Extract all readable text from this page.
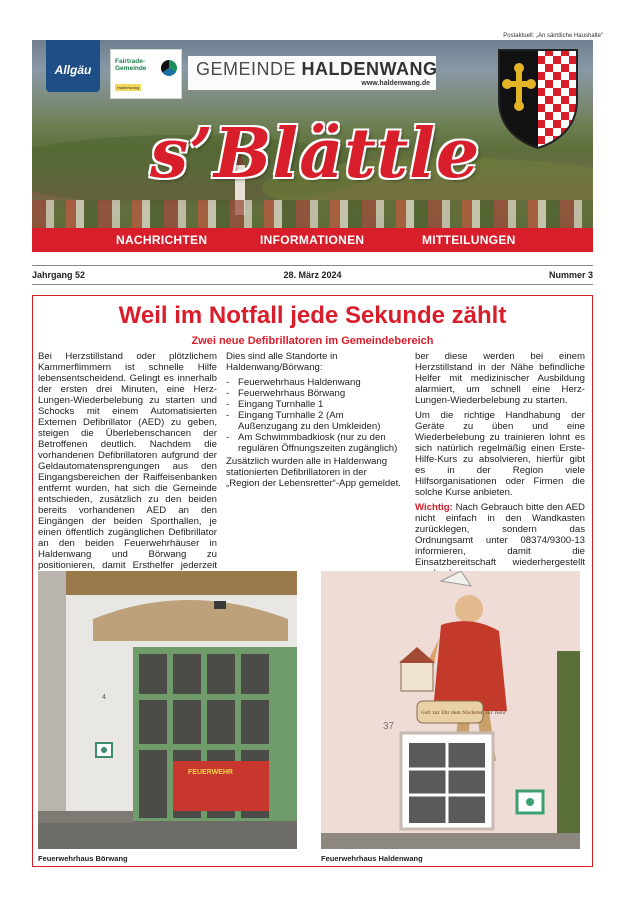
Postaktuell: „An sämtliche Haushalte“
Allgäu
Fairtrade-
Gemeinde
Haldenwang
GEMEINDE HALDENWANG
www.haldenwang.de
s’Blättle
NACHRICHTEN	INFORMATIONEN	MITTEILUNGEN
Jahrgang 52	28. März 2024	Nummer 3
Weil im Notfall jede Sekunde zählt
Zwei neue Defibrillatoren im Gemeindebereich

Bei Herzstillstand oder plötzlichem Kammerflimmern ist schnelle Hilfe lebensentscheidend. Gelingt es innerhalb der ersten drei Minuten, eine Herz-Lungen-Wiederbelebung zu starten und Schocks mit einem Automatisierten Externen Defibrillator (AED) zu geben, steigen die Überlebenschancen der Betroffenen deutlich. Nachdem die vorhandenen Defibrillatoren aufgrund der Geldautomatensprengungen aus den Eingangsbereichen der Raiffeisenbanken entfernt wurden, hat sich die Gemeinde entschieden, zusätzlich zu den beiden bereits vorhandenen AED an den Eingängen der beiden Sporthallen, je einen öffentlich zugänglichen Defibrillator an den beiden Feuerwehrhäuser in Haldenwang und Börwang zu positionieren, damit Ersthelfer jederzeit

Dies sind alle Standorte in Haldenwang/Börwang:

- Feuerwehrhaus Haldenwang
- Feuerwehrhaus Börwang
- Eingang Turnhalle 1
- Eingang Turnhalle 2 (Am Außenzugang zu den Umkleiden)
- Am Schwimmbadkiosk (nur zu den regulären Öffnungszeiten zugänglich)

Zusätzlich wurden alle in Haldenwang stationierten Defibrillatoren in der „Region der Lebensretter“-App gemeldet.

ber diese werden bei einem Herzstillstand in der Nähe befindliche Helfer mit medizinischer Ausbildung alarmiert, um schnell eine Herz-Lungen-Wiederbelebung zu starten.

Um die richtige Handhabung der Geräte zu üben und eine Wiederbelebung zu trainieren lohnt es sich natürlich regelmäßig einen Erste-Hilfe-Kurs zu absolvieren, hierfür gibt es in der Region viele Hilfsorganisationen oder Firmen die solche Kurse anbieten.

Wichtig: Nach Gebrauch bitte den AED nicht einfach in den Wandkasten zurücklegen, sondern das Ordnungsamt unter 08374/9300-13 informieren, damit die Einsatzbereitschaft wiederhergestellt

FEUERWEHR
4
Gott zur Ehr dem Nächsten zur Wehr
37
Feuerwehrhaus Börwang	Feuerwehrhaus Haldenwang
